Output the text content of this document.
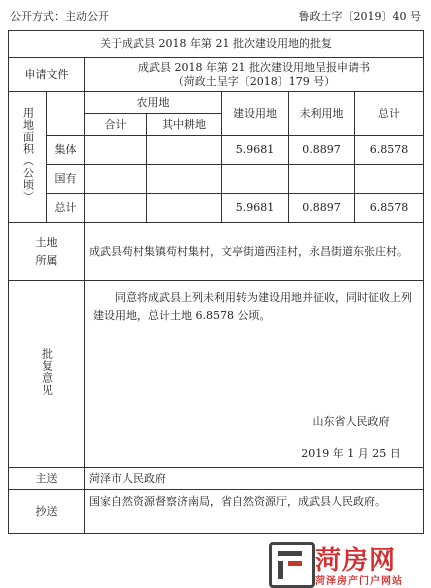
公开方式：主动公开	鲁政土字〔2019〕40 号
关于成武县 2018 年第 21 批次建设用地的批复						
申请文件		成武县 2018 年第 21 批次建设用地呈报申请书
（菏政土呈字〔2018〕179 号）				

用地面积（公顷）		农用地		建设用地	未利用地	总计
		合计	其中耕地			
	集体			5.9681	0.8897	6.8578
	国有					
	总计			5.9681	0.8897	6.8578
土地所属		成武县苟村集镇苟村集村，文亭街道西洼村，永昌街道东张庄村。				
批复意见		同意将成武县上列未利用转为建设用地并征收，同时征收上列建设用地，总计土地 6.8578 公顷。
山东省人民政府
2019 年 1 月 25 日				

主送		菏泽市人民政府				
抄送		国家自然资源督察济南局，省自然资源厅，成武县人民政府。				
菏房网
菏泽房产门户网站
